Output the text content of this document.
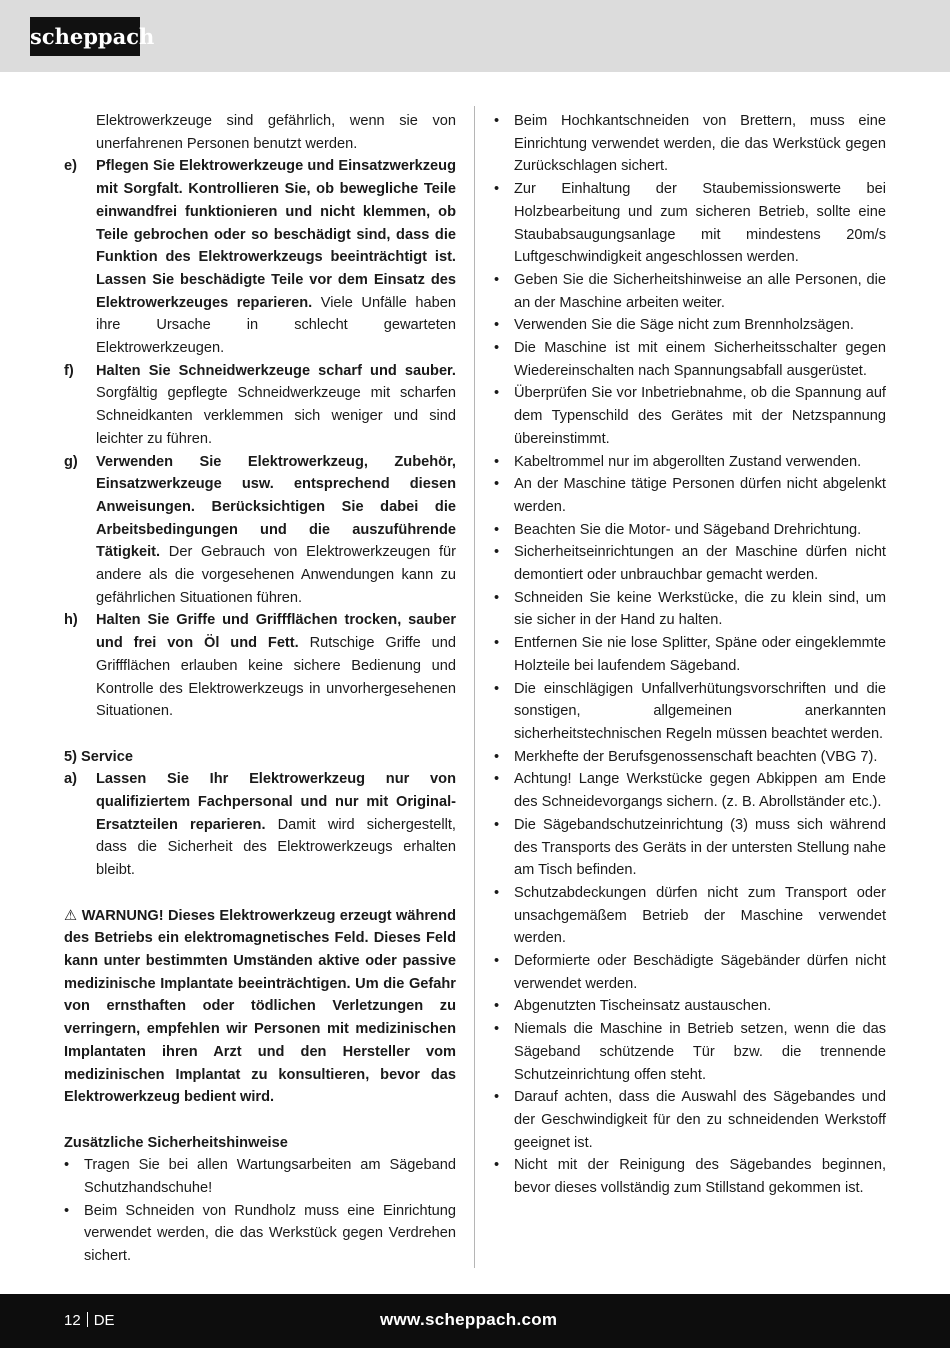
scheppach

Elektrowerkzeuge sind gefährlich, wenn sie von unerfahrenen Personen benutzt werden.

e)	Pflegen Sie Elektrowerkzeuge und Einsatzwerkzeug mit Sorgfalt. Kontrollieren Sie, ob bewegliche Teile einwandfrei funktionieren und nicht klemmen, ob Teile gebrochen oder so beschädigt sind, dass die Funktion des Elektrowerkzeugs beeinträchtigt ist. Lassen Sie beschädigte Teile vor dem Einsatz des Elektrowerkzeuges reparieren. Viele Unfälle haben ihre Ursache in schlecht gewarteten Elektrowerkzeugen.

f)	Halten Sie Schneidwerkzeuge scharf und sauber. Sorgfältig gepflegte Schneidwerkzeuge mit scharfen Schneidkanten verklemmen sich weniger und sind leichter zu führen.

g)	Verwenden Sie Elektrowerkzeug, Zubehör, Einsatzwerkzeuge usw. entsprechend diesen Anweisungen. Berücksichtigen Sie dabei die Arbeitsbedingungen und die auszuführende Tätigkeit. Der Gebrauch von Elektrowerkzeugen für andere als die vorgesehenen Anwendungen kann zu gefährlichen Situationen führen.

h)	Halten Sie Griffe und Griffflächen trocken, sauber und frei von Öl und Fett. Rutschige Griffe und Griffflächen erlauben keine sichere Bedienung und Kontrolle des Elektrowerkzeugs in unvorhergesehenen Situationen.

5) Service

a)	Lassen Sie Ihr Elektrowerkzeug nur von qualifiziertem Fachpersonal und nur mit Original-Ersatzteilen reparieren. Damit wird sichergestellt, dass die Sicherheit des Elektrowerkzeugs erhalten bleibt.

⚠ WARNUNG! Dieses Elektrowerkzeug erzeugt während des Betriebs ein elektromagnetisches Feld. Dieses Feld kann unter bestimmten Umständen aktive oder passive medizinische Implantate beeinträchtigen. Um die Gefahr von ernsthaften oder tödlichen Verletzungen zu verringern, empfehlen wir Personen mit medizinischen Implantaten ihren Arzt und den Hersteller vom medizinischen Implantat zu konsultieren, bevor das Elektrowerkzeug bedient wird.

Zusätzliche Sicherheitshinweise

•	Tragen Sie bei allen Wartungsarbeiten am Sägeband Schutzhandschuhe!
•	Beim Schneiden von Rundholz muss eine Einrichtung verwendet werden, die das Werkstück gegen Verdrehen sichert.
•	Beim Hochkantschneiden von Brettern, muss eine Einrichtung verwendet werden, die das Werkstück gegen Zurückschlagen sichert.
•	Zur Einhaltung der Staubemissionswerte bei Holzbearbeitung und zum sicheren Betrieb, sollte eine Staubabsaugungsanlage mit mindestens 20m/s Luftgeschwindigkeit angeschlossen werden.
•	Geben Sie die Sicherheitshinweise an alle Personen, die an der Maschine arbeiten weiter.
•	Verwenden Sie die Säge nicht zum Brennholzsägen.
•	Die Maschine ist mit einem Sicherheitsschalter gegen Wiedereinschalten nach Spannungsabfall ausgerüstet.
•	Überprüfen Sie vor Inbetriebnahme, ob die Spannung auf dem Typenschild des Gerätes mit der Netzspannung übereinstimmt.
•	Kabeltrommel nur im abgerollten Zustand verwenden.
•	An der Maschine tätige Personen dürfen nicht abgelenkt werden.
•	Beachten Sie die Motor- und Sägeband Drehrichtung.
•	Sicherheitseinrichtungen an der Maschine dürfen nicht demontiert oder unbrauchbar gemacht werden.
•	Schneiden Sie keine Werkstücke, die zu klein sind, um sie sicher in der Hand zu halten.
•	Entfernen Sie nie lose Splitter, Späne oder eingeklemmte Holzteile bei laufendem Sägeband.
•	Die einschlägigen Unfallverhütungsvorschriften und die sonstigen, allgemeinen anerkannten sicherheitstechnischen Regeln müssen beachtet werden.
•	Merkhefte der Berufsgenossenschaft beachten (VBG 7).
•	Achtung! Lange Werkstücke gegen Abkippen am Ende des Schneidevorgangs sichern. (z. B. Abrollständer etc.).
•	Die Sägebandschutzeinrichtung (3) muss sich während des Transports des Geräts in der untersten Stellung nahe am Tisch befinden.
•	Schutzabdeckungen dürfen nicht zum Transport oder unsachgemäßem Betrieb der Maschine verwendet werden.
•	Deformierte oder Beschädigte Sägebänder dürfen nicht verwendet werden.
•	Abgenutzten Tischeinsatz austauschen.
•	Niemals die Maschine in Betrieb setzen, wenn die das Sägeband schützende Tür bzw. die trennende Schutzeinrichtung offen steht.
•	Darauf achten, dass die Auswahl des Sägebandes und der Geschwindigkeit für den zu schneidenden Werkstoff geeignet ist.
•	Nicht mit der Reinigung des Sägebandes beginnen, bevor dieses vollständig zum Stillstand gekommen ist.
12 DE	www.scheppach.com
